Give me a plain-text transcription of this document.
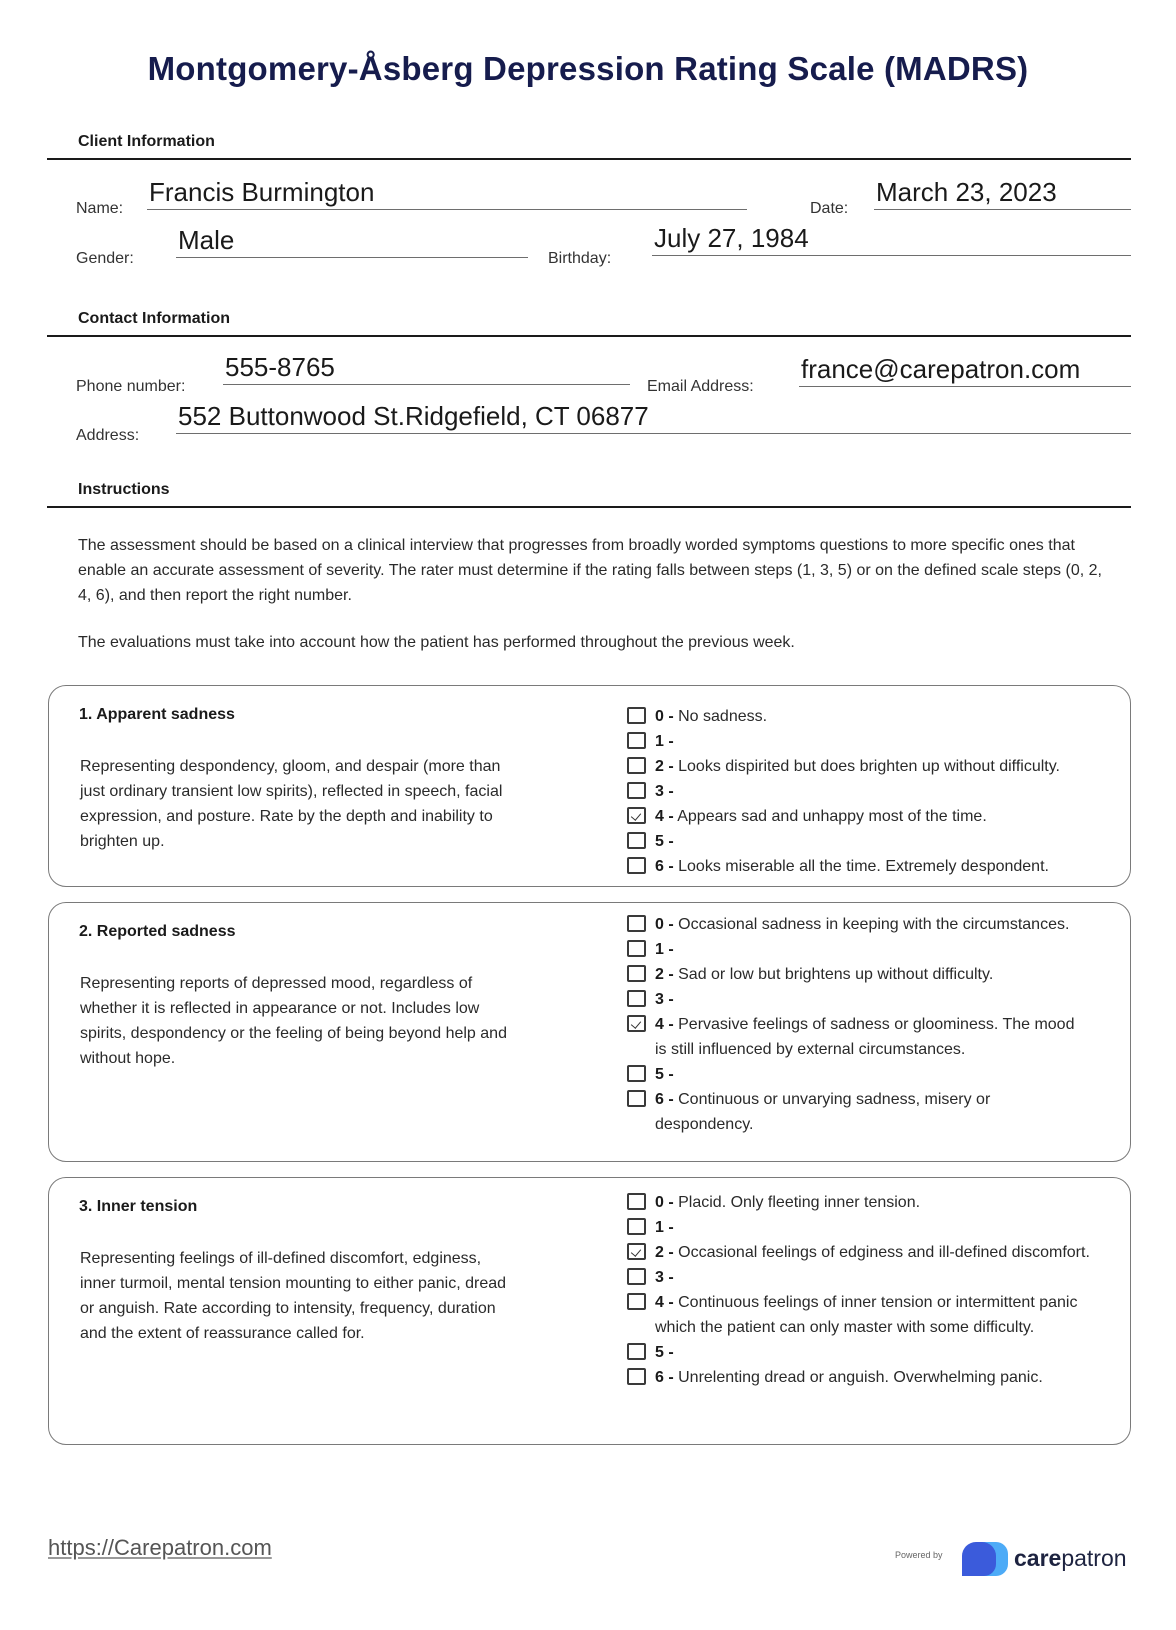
Montgomery-Åsberg Depression Rating Scale (MADRS)
Client Information
Name:
Francis Burmington
Date:
March 23, 2023
Gender:
Male
Birthday:
July 27, 1984
Contact Information
Phone number:
555-8765
Email Address:
france@carepatron.com
Address:
552 Buttonwood St.Ridgefield, CT 06877
Instructions

The assessment should be based on a clinical interview that progresses from broadly worded symptoms questions to more specific ones that enable an accurate assessment of severity. The rater must determine if the rating falls between steps (1, 3, 5) or on the defined scale steps (0, 2, 4, 6), and then report the right number.

The evaluations must take into account how the patient has performed throughout the previous week.

1. Apparent sadness
Representing despondency, gloom, and despair (more than just ordinary transient low spirits), reflected in speech, facial expression, and posture. Rate by the depth and inability to brighten up.
0 - No sadness.
1 -
2 - Looks dispirited but does brighten up without difficulty.
3 -
4 - Appears sad and unhappy most of the time.
5 -
6 - Looks miserable all the time. Extremely despondent.
2. Reported sadness
Representing reports of depressed mood, regardless of whether it is reflected in appearance or not. Includes low spirits, despondency or the feeling of being beyond help and without hope.
0 - Occasional sadness in keeping with the circumstances.
1 -
2 - Sad or low but brightens up without difficulty.
3 -
4 - Pervasive feelings of sadness or gloominess. The mood is still influenced by external circumstances.
5 -
6 - Continuous or unvarying sadness, misery or despondency.
3. Inner tension
Representing feelings of ill-defined discomfort, edginess, inner turmoil, mental tension mounting to either panic, dread or anguish. Rate according to intensity, frequency, duration and the extent of reassurance called for.
0 - Placid. Only fleeting inner tension.
1 -
2 - Occasional feelings of edginess and ill-defined discomfort.
3 -
4 - Continuous feelings of inner tension or intermittent panic which the patient can only master with some difficulty.
5 -
6 - Unrelenting dread or anguish. Overwhelming panic.
https://Carepatron.com	Powered by	carepatron
